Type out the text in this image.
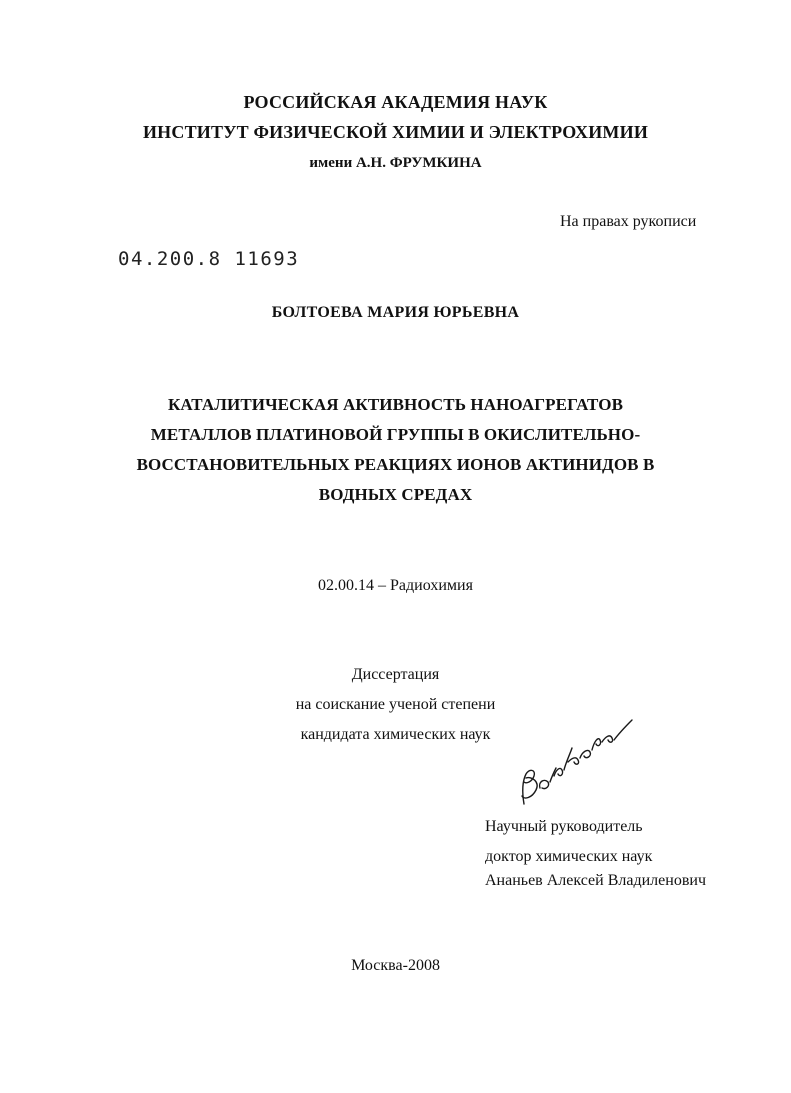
РОССИЙСКАЯ АКАДЕМИЯ НАУК
ИНСТИТУТ ФИЗИЧЕСКОЙ ХИМИИ И ЭЛЕКТРОХИМИИ
имени А.Н. ФРУМКИНА
На правах рукописи
04.200.8 11693
БОЛТОЕВА МАРИЯ ЮРЬЕВНА
КАТАЛИТИЧЕСКАЯ АКТИВНОСТЬ НАНОАГРЕГАТОВ
МЕТАЛЛОВ ПЛАТИНОВОЙ ГРУППЫ В ОКИСЛИТЕЛЬНО-
ВОССТАНОВИТЕЛЬНЫХ РЕАКЦИЯХ ИОНОВ АКТИНИДОВ В
ВОДНЫХ СРЕДАХ
02.00.14 – Радиохимия
Диссертация
на соискание ученой степени
кандидата химических наук
Болтоева
Научный руководитель
доктор химических наук
Ананьев Алексей Владиленович
Москва-2008
